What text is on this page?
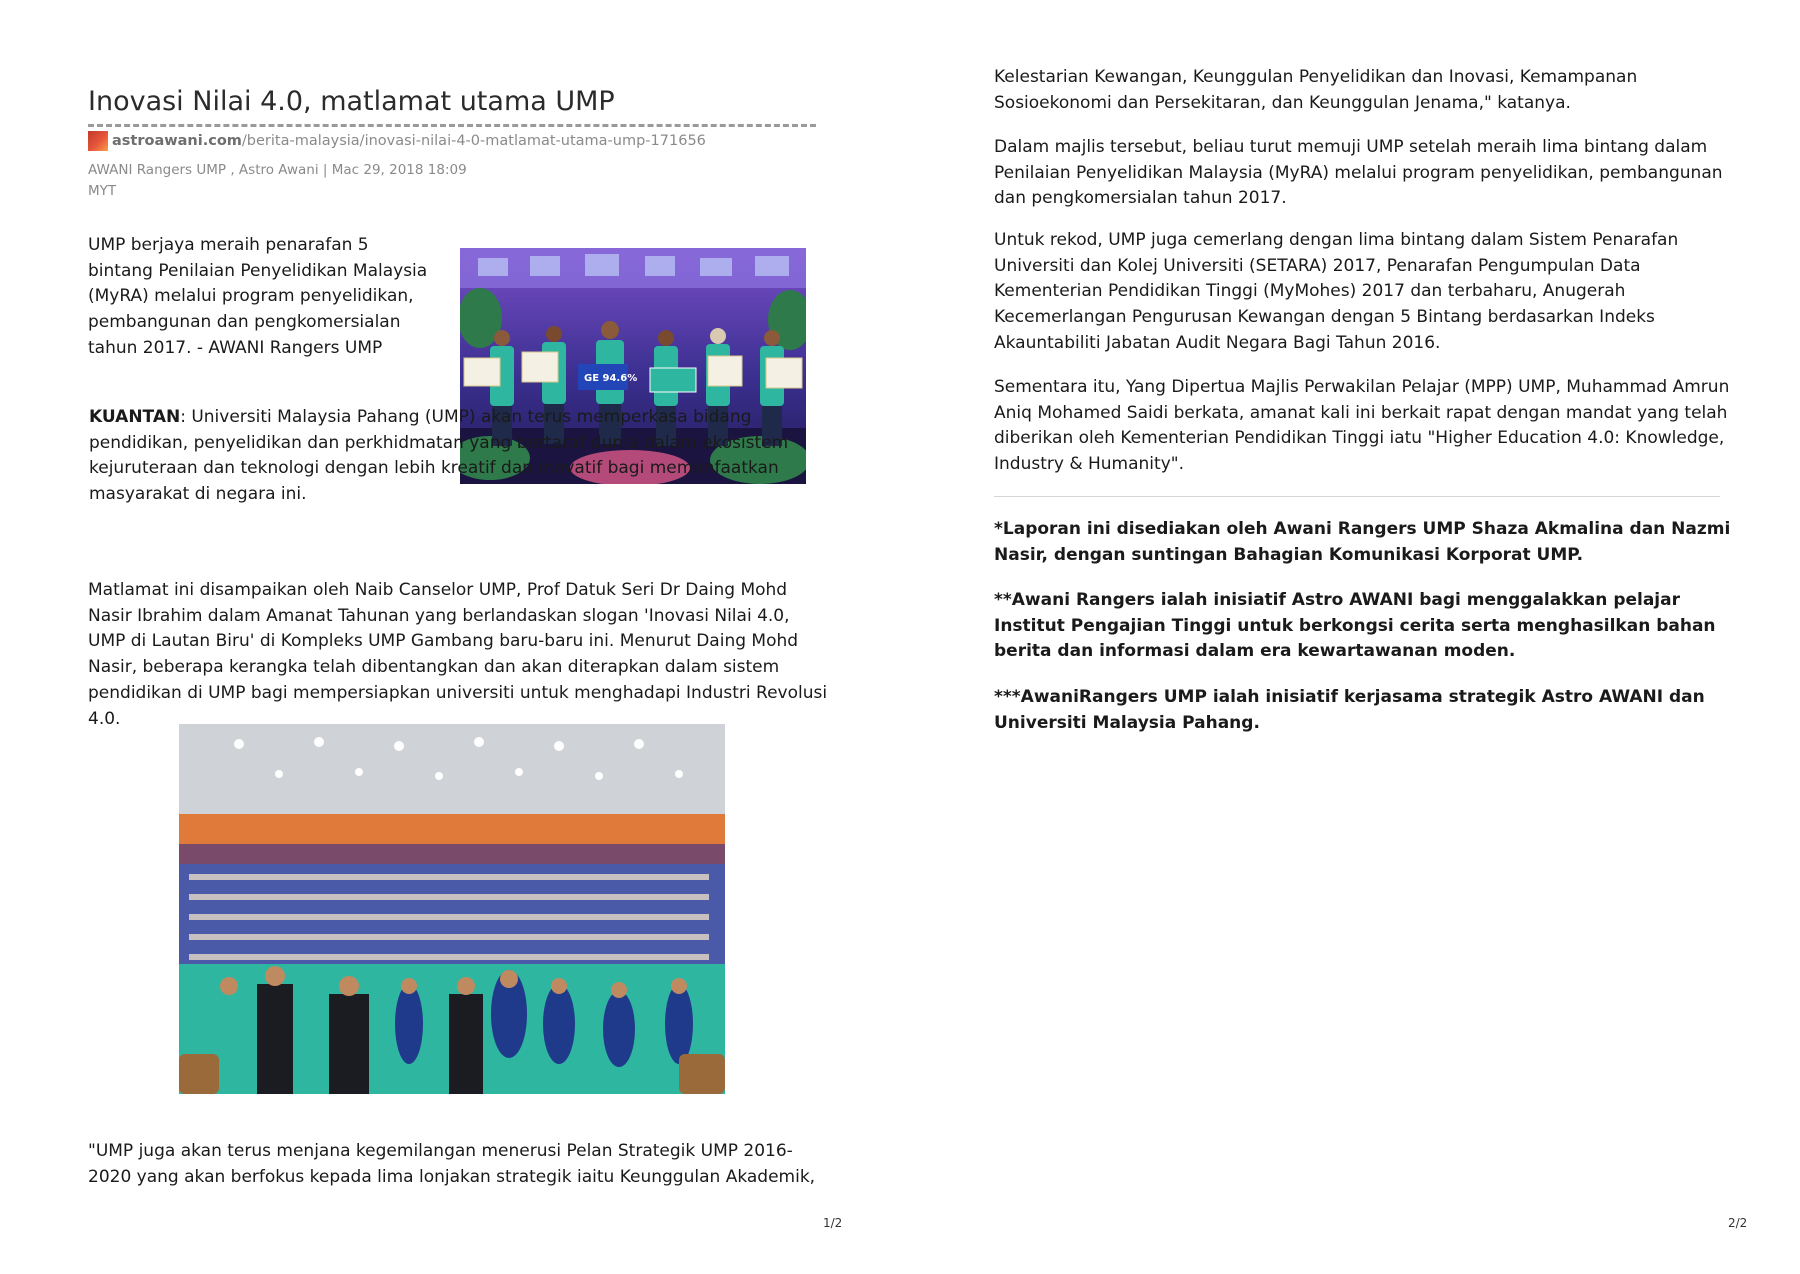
Inovasi Nilai 4.0, matlamat utama UMP
astroawani.com /berita-malaysia/inovasi-nilai-4-0-matlamat-utama-ump-171656
AWANI Rangers UMP , Astro Awani | Mac 29, 2018 18:09 MYT

UMP berjaya meraih penarafan 5 bintang Penilaian Penyelidikan Malaysia (MyRA) melalui program penyelidikan, pembangunan dan pengkomersialan tahun 2017. - AWANI Rangers UMP

GE 94.6%

KUANTAN: Universiti Malaysia Pahang (UMP) akan terus memperkasa bidang pendidikan, penyelidikan dan perkhidmatan yang bertaraf dunia dalam ekosistem kejuruteraan dan teknologi dengan lebih kreatif dan inovatif bagi memanfaatkan masyarakat di negara ini.

Matlamat ini disampaikan oleh Naib Canselor UMP, Prof Datuk Seri Dr Daing Mohd Nasir Ibrahim dalam Amanat Tahunan yang berlandaskan slogan 'Inovasi Nilai 4.0, UMP di Lautan Biru' di Kompleks UMP Gambang baru-baru ini. Menurut Daing Mohd Nasir, beberapa kerangka telah dibentangkan dan akan diterapkan dalam sistem pendidikan di UMP bagi mempersiapkan universiti untuk menghadapi Industri Revolusi 4.0.

"UMP juga akan terus menjana kegemilangan menerusi Pelan Strategik UMP 2016-2020 yang akan berfokus kepada lima lonjakan strategik iaitu Keunggulan Akademik,

1/2

Kelestarian Kewangan, Keunggulan Penyelidikan dan Inovasi, Kemampanan Sosioekonomi dan Persekitaran, dan Keunggulan Jenama," katanya.

Dalam majlis tersebut, beliau turut memuji UMP setelah meraih lima bintang dalam Penilaian Penyelidikan Malaysia (MyRA) melalui program penyelidikan, pembangunan dan pengkomersialan tahun 2017.

Untuk rekod, UMP juga cemerlang dengan lima bintang dalam Sistem Penarafan Universiti dan Kolej Universiti (SETARA) 2017, Penarafan Pengumpulan Data Kementerian Pendidikan Tinggi (MyMohes) 2017 dan terbaharu, Anugerah Kecemerlangan Pengurusan Kewangan dengan 5 Bintang berdasarkan Indeks Akauntabiliti Jabatan Audit Negara Bagi Tahun 2016.

Sementara itu, Yang Dipertua Majlis Perwakilan Pelajar (MPP) UMP, Muhammad Amrun Aniq Mohamed Saidi berkata, amanat kali ini berkait rapat dengan mandat yang telah diberikan oleh Kementerian Pendidikan Tinggi iatu "Higher Education 4.0: Knowledge, Industry & Humanity".

*Laporan ini disediakan oleh Awani Rangers UMP Shaza Akmalina dan Nazmi Nasir, dengan suntingan Bahagian Komunikasi Korporat UMP.

**Awani Rangers ialah inisiatif Astro AWANI bagi menggalakkan pelajar Institut Pengajian Tinggi untuk berkongsi cerita serta menghasilkan bahan berita dan informasi dalam era kewartawanan moden.

***AwaniRangers UMP ialah inisiatif kerjasama strategik Astro AWANI dan Universiti Malaysia Pahang.

2/2
